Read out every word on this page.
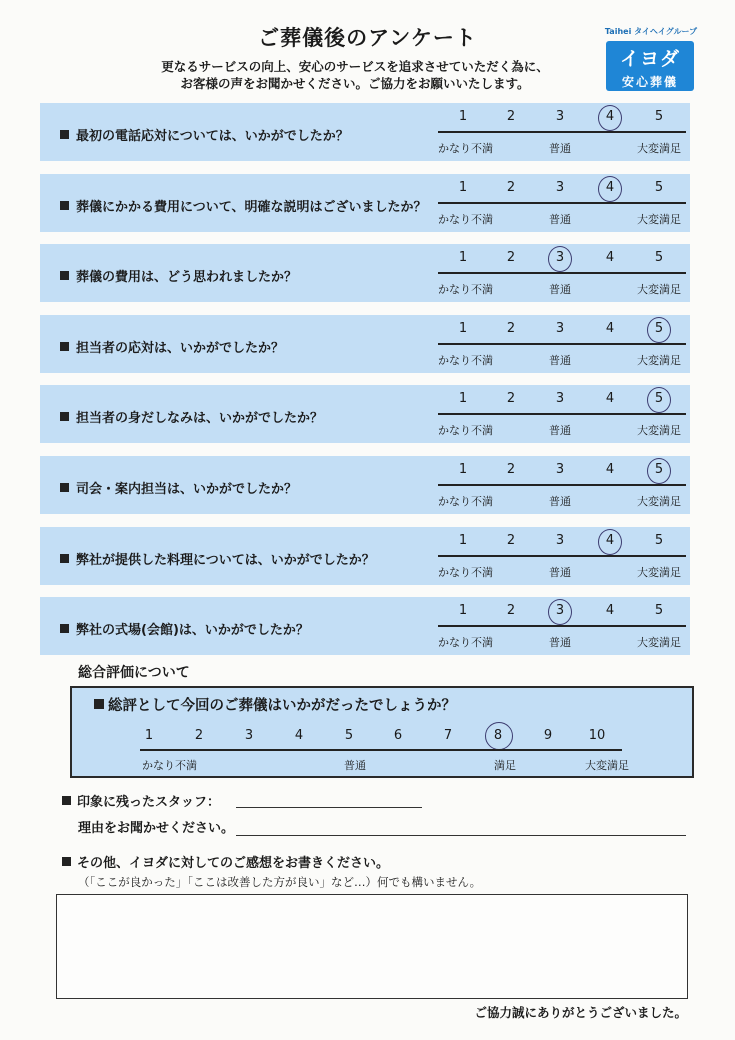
ご葬儀後のアンケート
更なるサービスの向上、安心のサービスを追求させていただく為に、
お客様の声をお聞かせください。ご協力をお願いいたします。
Taihei タイヘイグループ
イヨダ
安心葬儀
最初の電話応対については、いかがでしたか？
1	2	3	4	5
かなり不満	普通	大変満足
葬儀にかかる費用について、明確な説明はございましたか？
1	2	3	4	5
かなり不満	普通	大変満足
葬儀の費用は、どう思われましたか？
1	2	3	4	5
かなり不満	普通	大変満足
担当者の応対は、いかがでしたか？
1	2	3	4	5
かなり不満	普通	大変満足
担当者の身だしなみは、いかがでしたか？
1	2	3	4	5
かなり不満	普通	大変満足
司会・案内担当は、いかがでしたか？
1	2	3	4	5
かなり不満	普通	大変満足
弊社が提供した料理については、いかがでしたか？
1	2	3	4	5
かなり不満	普通	大変満足
弊社の式場(会館)は、いかがでしたか？
1	2	3	4	5
かなり不満	普通	大変満足
総合評価について
総評として今回のご葬儀はいかがだったでしょうか？
1	2	3	4	5	6	7	8	9	10
かなり不満	普通	満足	大変満足
印象に残ったスタッフ：
理由をお聞かせください。
その他、イヨダに対してのご感想をお書きください。
（「ここが良かった」「ここは改善した方が良い」など…）何でも構いません。
ご協力誠にありがとうございました。
